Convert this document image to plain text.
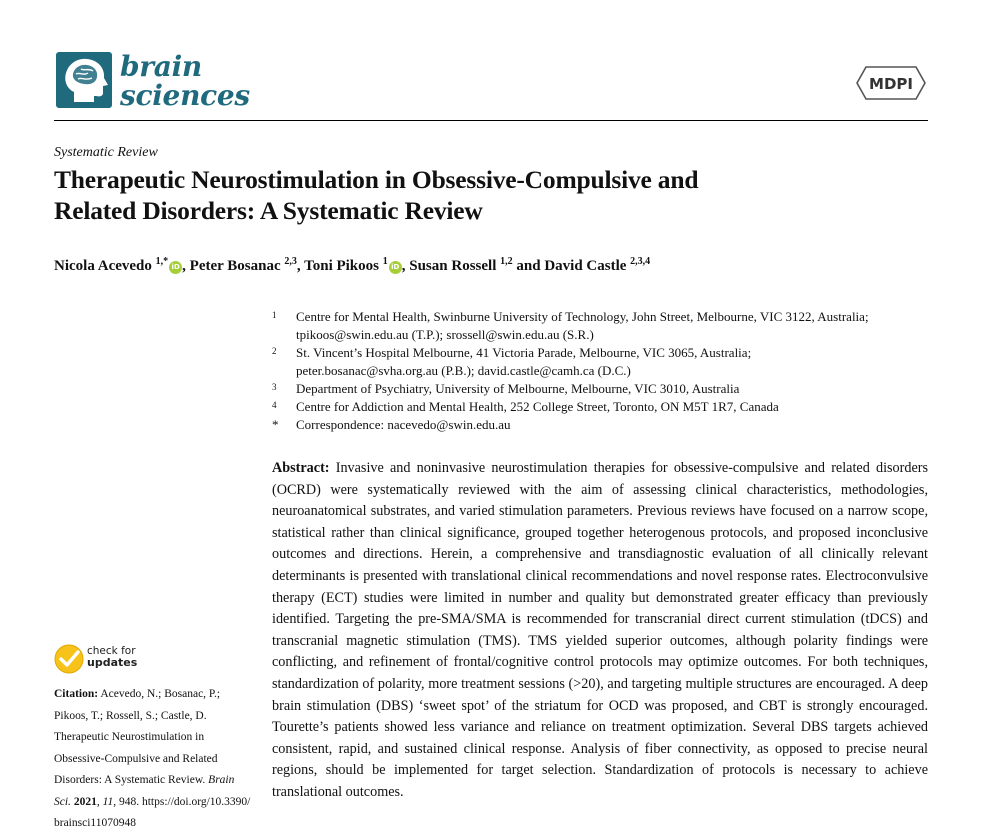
brain
sciences	MDPI
Systematic Review
Therapeutic Neurostimulation in Obsessive-Compulsive and
Related Disorders: A Systematic Review
Nicola Acevedo $^{1,*}$ iD , Peter Bosanac $^{2,3}$, Toni Pikoos $^1$ iD , Susan Rossell $^{1,2}$ and David Castle $^{2,3,4}$
1 Centre for Mental Health, Swinburne University of Technology, John Street, Melbourne, VIC 3122, Australia;
tpikoos@swin.edu.au (T.P.); srossell@swin.edu.au (S.R.)
2 St. Vincent’s Hospital Melbourne, 41 Victoria Parade, Melbourne, VIC 3065, Australia;
peter.bosanac@svha.org.au (P.B.); david.castle@camh.ca (D.C.)
3 Department of Psychiatry, University of Melbourne, Melbourne, VIC 3010, Australia
4 Centre for Addiction and Mental Health, 252 College Street, Toronto, ON M5T 1R7, Canada
* Correspondence: nacevedo@swin.edu.au
Abstract: Invasive and noninvasive neurostimulation therapies for obsessive-compulsive and related disorders (OCRD) were systematically reviewed with the aim of assessing clinical characteristics, methodologies, neuroanatomical substrates, and varied stimulation parameters. Previous reviews have focused on a narrow scope, statistical rather than clinical significance, grouped together heterogenous protocols, and proposed inconclusive outcomes and directions. Herein, a comprehensive and transdiagnostic evaluation of all clinically relevant determinants is presented with translational clinical recommendations and novel response rates. Electroconvulsive therapy (ECT) studies were limited in number and quality but demonstrated greater efficacy than previously identified. Targeting the pre-SMA/SMA is recommended for transcranial direct current stimulation (tDCS) and transcranial magnetic stimulation (TMS). TMS yielded superior outcomes, although polarity findings were conflicting, and refinement of frontal/cognitive control protocols may optimize outcomes. For both techniques, standardization of polarity, more treatment sessions (>20), and targeting multiple structures are encouraged. A deep brain stimulation (DBS) ‘sweet spot’ of the striatum for OCD was proposed, and CBT is strongly encouraged. Tourette’s patients showed less variance and reliance on treatment optimization. Several DBS targets achieved consistent, rapid, and sustained clinical response. Analysis of fiber connectivity, as opposed to precise neural regions, should be implemented for target selection. Standardization of protocols is necessary to achieve translational outcomes.
check for
updates
Citation: Acevedo, N.; Bosanac, P.; Pikoos, T.; Rossell, S.; Castle, D. Therapeutic Neurostimulation in Obsessive-Compulsive and Related Disorders: A Systematic Review. Brain Sci. 2021, 11, 948. https://doi.org/10.3390/brainsci11070948
